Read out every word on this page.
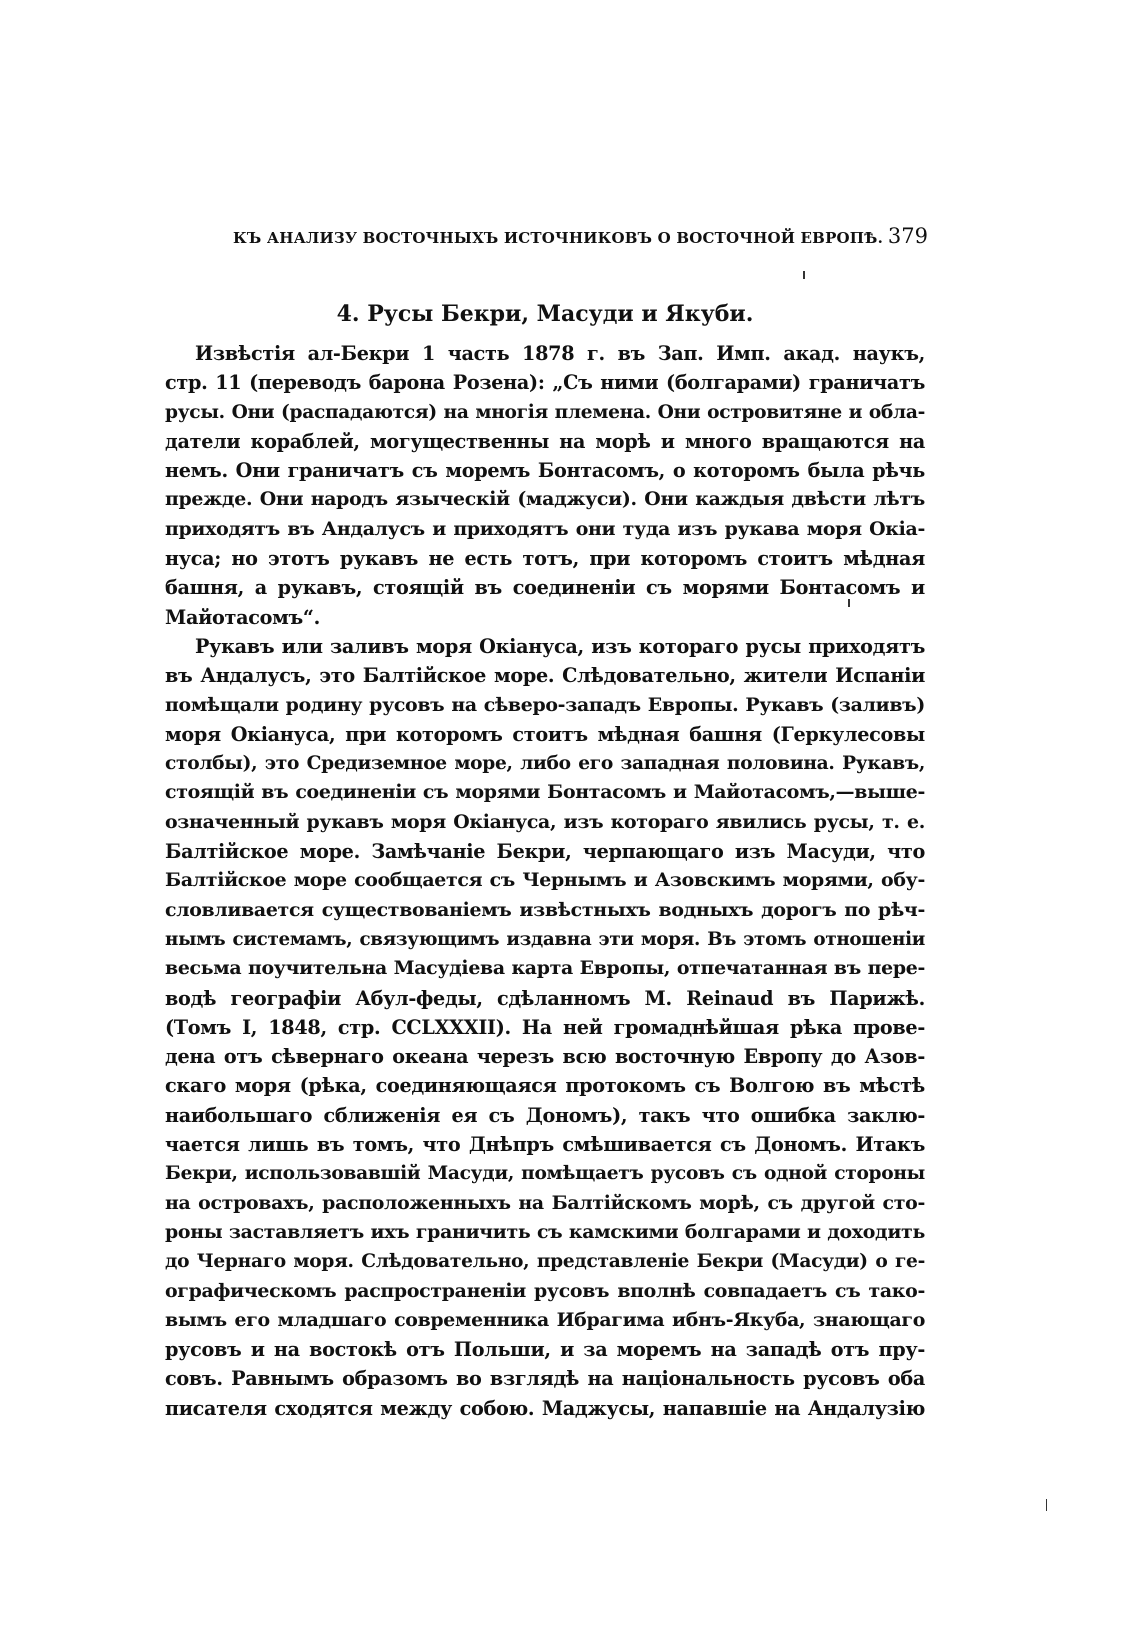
КЪ АНАЛИЗУ ВОСТОЧНЫХЪ ИСТОЧНИКОВЪ О ВОСТОЧНОЙ ЕВРОПѢ. 379
4. Русы Бекри, Масуди и Якуби.
Извѣстія ал-Бекри 1 часть 1878 г. въ Зап. Имп. акад. наукъ,
стр. 11 (переводъ барона Розена): „Съ ними (болгарами) граничатъ
русы. Они (распадаются) на многія племена. Они островитяне и обла-
датели кораблей, могущественны на морѣ и много вращаются на
немъ. Они граничатъ съ моремъ Бонтасомъ, о которомъ была рѣчь
прежде. Они народъ языческій (маджуси). Они каждыя двѣсти лѣтъ
приходятъ въ Андалусъ и приходятъ они туда изъ рукава моря Окіа-
нуса; но этотъ рукавъ не есть тотъ, при которомъ стоитъ мѣдная
башня, а рукавъ, стоящій въ соединеніи съ морями Бонтасомъ и
Майотасомъ“.
Рукавъ или заливъ моря Окіануса, изъ котораго русы приходятъ
въ Андалусъ, это Балтійское море. Слѣдовательно, жители Испаніи
помѣщали родину русовъ на сѣверо-западъ Европы. Рукавъ (заливъ)
моря Окіануса, при которомъ стоитъ мѣдная башня (Геркулесовы
столбы), это Средиземное море, либо его западная половина. Рукавъ,
стоящій въ соединеніи съ морями Бонтасомъ и Майотасомъ,—выше-
означенный рукавъ моря Окіануса, изъ котораго явились русы, т. е.
Балтійское море. Замѣчаніе Бекри, черпающаго изъ Масуди, что
Балтійское море сообщается съ Чернымъ и Азовскимъ морями, обу-
словливается существованіемъ извѣстныхъ водныхъ дорогъ по рѣч-
нымъ системамъ, связующимъ издавна эти моря. Въ этомъ отношеніи
весьма поучительна Масудіева карта Европы, отпечатанная въ пере-
водѣ географіи Абул-феды, сдѣланномъ M. Reinaud въ Парижѣ.
(Томъ I, 1848, стр. CCLXXXII). На ней громаднѣйшая рѣка прове-
дена отъ сѣвернаго океана черезъ всю восточную Европу до Азов-
скаго моря (рѣка, соединяющаяся протокомъ съ Волгою въ мѣстѣ
наибольшаго сближенія ея съ Дономъ), такъ что ошибка заклю-
чается лишь въ томъ, что Днѣпръ смѣшивается съ Дономъ. Итакъ
Бекри, использовавшій Масуди, помѣщаетъ русовъ съ одной стороны
на островахъ, расположенныхъ на Балтійскомъ морѣ, съ другой сто-
роны заставляетъ ихъ граничить съ камскими болгарами и доходить
до Чернаго моря. Слѣдовательно, представленіе Бекри (Масуди) о ге-
ографическомъ распространеніи русовъ вполнѣ совпадаетъ съ тако-
вымъ его младшаго современника Ибрагима ибнъ-Якуба, знающаго
русовъ и на востокѣ отъ Польши, и за моремъ на западѣ отъ пру-
совъ. Равнымъ образомъ во взглядѣ на національность русовъ оба
писателя сходятся между собою. Маджусы, напавшіе на Андалузію
